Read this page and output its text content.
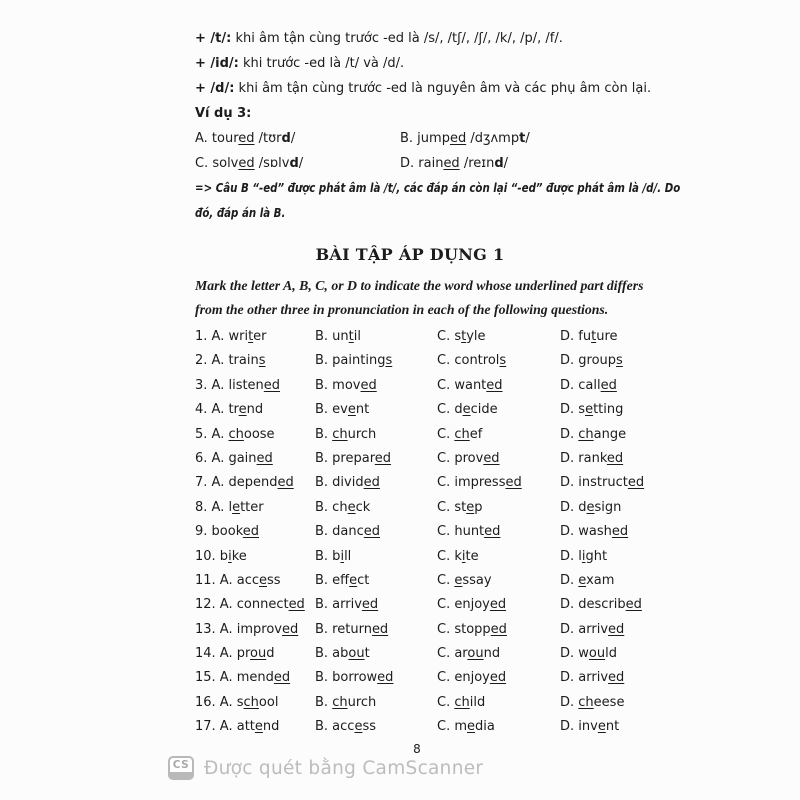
+ /t/: khi âm tận cùng trước -ed là /s/, /tʃ/, /ʃ/, /k/, /p/, /f/.

+ /id/: khi trước -ed là /t/ và /d/.

+ /d/: khi âm tận cùng trước -ed là nguyên âm và các phụ âm còn lại.

Ví dụ 3:

A. toured /tʊrd/	B. jumped /dʒʌmpt/

C. solved /sɒlvd/	D. rained /reɪnd/

=> Câu B “-ed” được phát âm là /t/, các đáp án còn lại “-ed” được phát âm là /d/. Do

đó, đáp án là B.

BÀI TẬP ÁP DỤNG 1

Mark the letter A, B, C, or D to indicate the word whose underlined part differs

from the other three in pronunciation in each of the following questions.

1. A. writer	B. until	C. style	D. future
2. A. trains	B. paintings	C. controls	D. groups
3. A. listened	B. moved	C. wanted	D. called
4. A. trend	B. event	C. decide	D. setting
5. A. choose	B. church	C. chef	D. change
6. A. gained	B. prepared	C. proved	D. ranked
7. A. depended	B. divided	C. impressed	D. instructed
8. A. letter	B. check	C. step	D. design
9. booked	B. danced	C. hunted	D. washed
10. bike	B. bill	C. kite	D. light
11. A. access	B. effect	C. essay	D. exam
12. A. connected B. arrived	C. enjoyed	D. described
13. A. improved	B. returned	C. stopped	D. arrived
14. A. proud	B. about	C. around	D. would
15. A. mended	B. borrowed	C. enjoyed	D. arrived
16. A. school	B. church	C. child	D. cheese
17. A. attend	B. access	C. media	D. invent
8
CS Được quét bằng CamScanner
